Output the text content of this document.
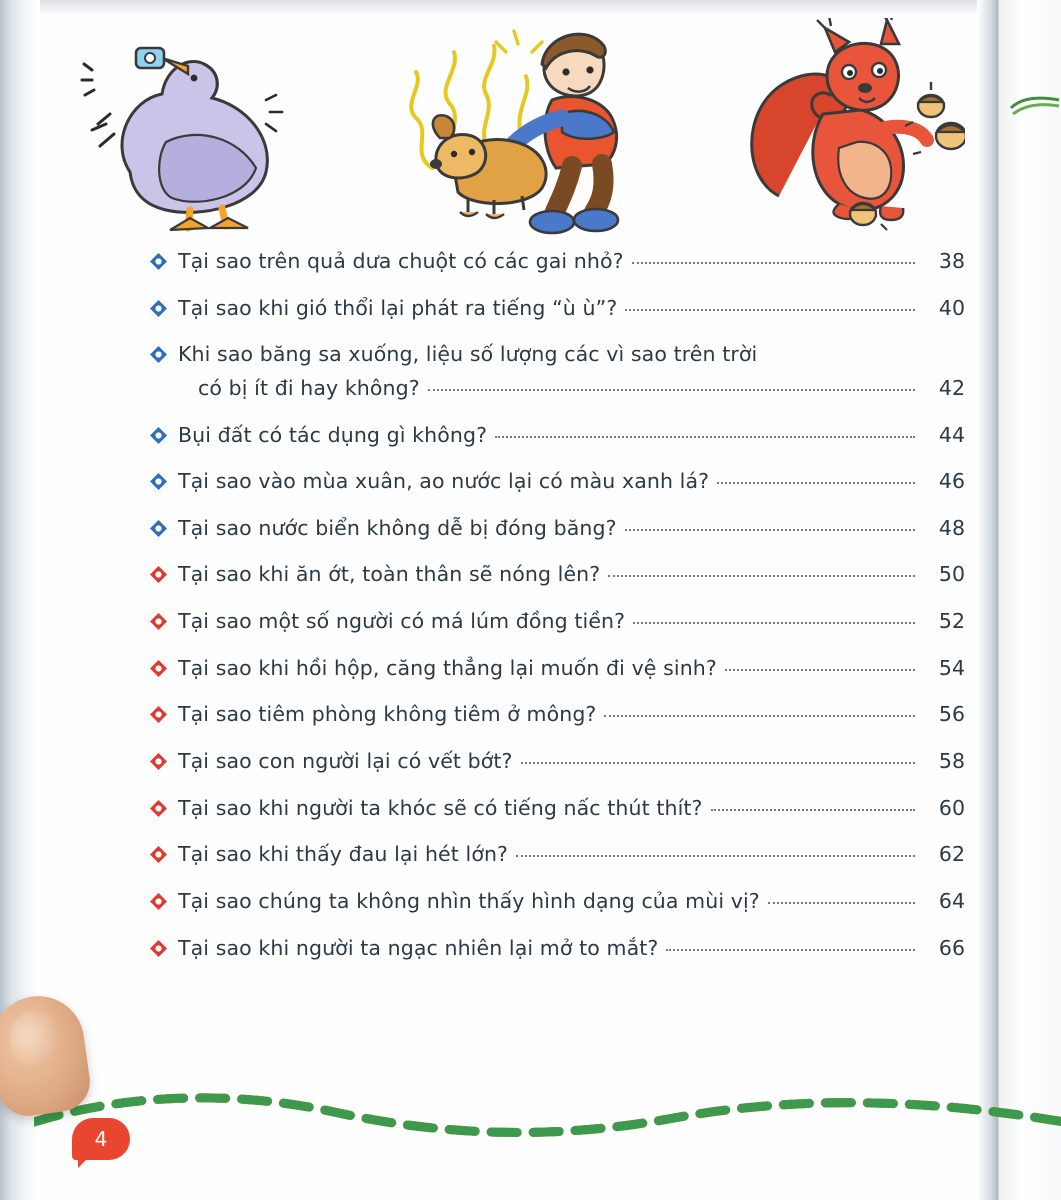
Tại sao trên quả dưa chuột có các gai nhỏ?	38
Tại sao khi gió thổi lại phát ra tiếng “ù ù”?	40
Khi sao băng sa xuống, liệu số lượng các vì sao trên trời
có bị ít đi hay không?	42
Bụi đất có tác dụng gì không?	44
Tại sao vào mùa xuân, ao nước lại có màu xanh lá?	46
Tại sao nước biển không dễ bị đóng băng?	48
Tại sao khi ăn ớt, toàn thân sẽ nóng lên?	50
Tại sao một số người có má lúm đồng tiền?	52
Tại sao khi hồi hộp, căng thẳng lại muốn đi vệ sinh?	54
Tại sao tiêm phòng không tiêm ở mông?	56
Tại sao con người lại có vết bớt?	58
Tại sao khi người ta khóc sẽ có tiếng nấc thút thít?	60
Tại sao khi thấy đau lại hét lớn?	62
Tại sao chúng ta không nhìn thấy hình dạng của mùi vị?	64
Tại sao khi người ta ngạc nhiên lại mở to mắt?	66
4
